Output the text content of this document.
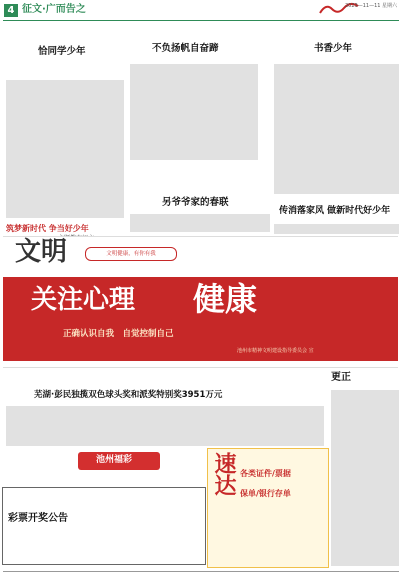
4 征文·广而告之	2023—11—11 星期六
恰同学少年	不负扬帆自奋蹄	书香少年
另爷爷家的春联
传消落家风 做新时代好少年
筑梦新时代 争当好少年
文明	文明健康，有你有我
关注心理 健康
正确认识自我　自觉控制自己
池州市精神文明建设指导委员会 宣
芜湖·彭民独揽双色球头奖和派奖特别奖3951万元
更正
池州福彩
彩票开奖公告
速达 各类证件/票据
保单/银行存单
